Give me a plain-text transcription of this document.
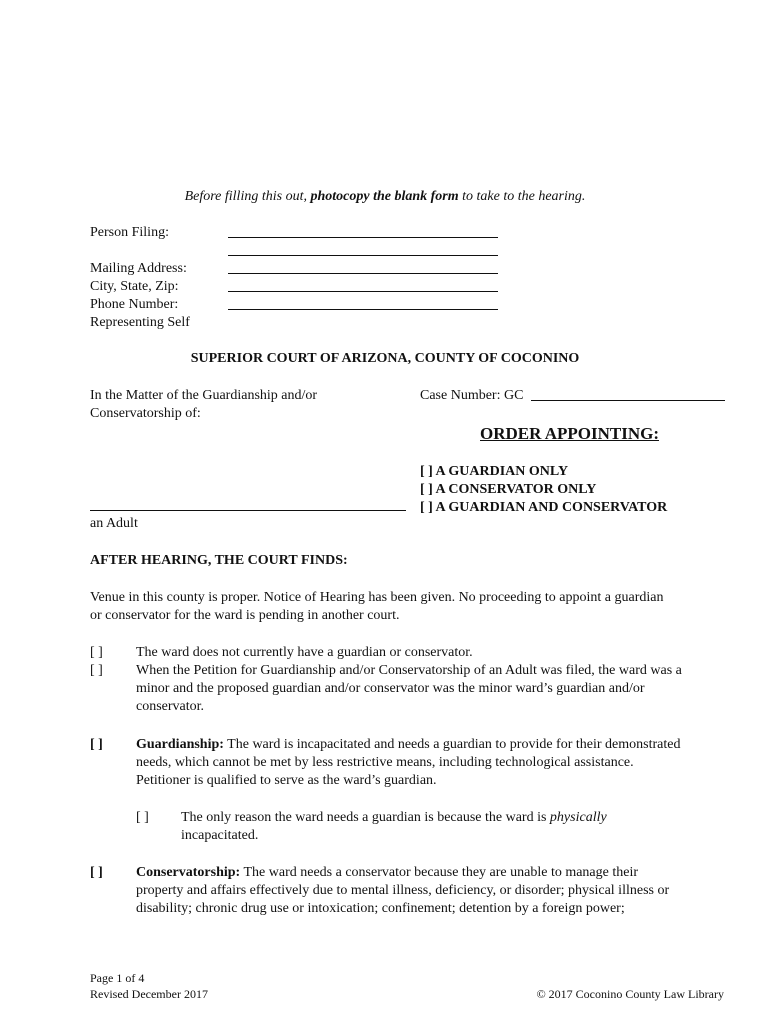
Before filling this out, photocopy the blank form to take to the hearing.
Person Filing:
Mailing Address:
City, State, Zip:
Phone Number:
Representing Self
SUPERIOR COURT OF ARIZONA, COUNTY OF COCONINO
In the Matter of the Guardianship and/or
Conservatorship of:
an Adult
Case Number: GC
ORDER APPOINTING:
[ ] A GUARDIAN ONLY
[ ] A CONSERVATOR ONLY
[ ] A GUARDIAN AND CONSERVATOR
AFTER HEARING, THE COURT FINDS:
Venue in this county is proper. Notice of Hearing has been given. No proceeding to appoint a guardian
or conservator for the ward is pending in another court.
[ ]	The ward does not currently have a guardian or conservator.
[ ]	When the Petition for Guardianship and/or Conservatorship of an Adult was filed, the ward was a
minor and the proposed guardian and/or conservator was the minor ward’s guardian and/or
conservator.
[ ]	Guardianship: The ward is incapacitated and needs a guardian to provide for their demonstrated
needs, which cannot be met by less restrictive means, including technological assistance.
Petitioner is qualified to serve as the ward’s guardian.
[ ]	The only reason the ward needs a guardian is because the ward is physically
incapacitated.
[ ]	Conservatorship: The ward needs a conservator because they are unable to manage their
property and affairs effectively due to mental illness, deficiency, or disorder; physical illness or
disability; chronic drug use or intoxication; confinement; detention by a foreign power;
Page 1 of 4
Revised December 2017	© 2017 Coconino County Law Library
